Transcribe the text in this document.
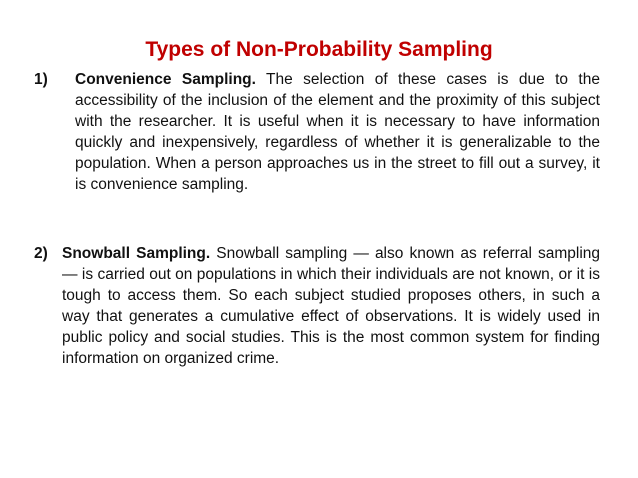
Types of Non-Probability Sampling
1) Convenience Sampling. The selection of these cases is due to the accessibility of the inclusion of the element and the proximity of this subject with the researcher. It is useful when it is necessary to have information quickly and inexpensively, regardless of whether it is generalizable to the population. When a person approaches us in the street to fill out a survey, it is convenience sampling.
2) Snowball Sampling. Snowball sampling — also known as referral sampling — is carried out on populations in which their individuals are not known, or it is tough to access them. So each subject studied proposes others, in such a way that generates a cumulative effect of observations. It is widely used in public policy and social studies. This is the most common system for finding information on organized crime.
